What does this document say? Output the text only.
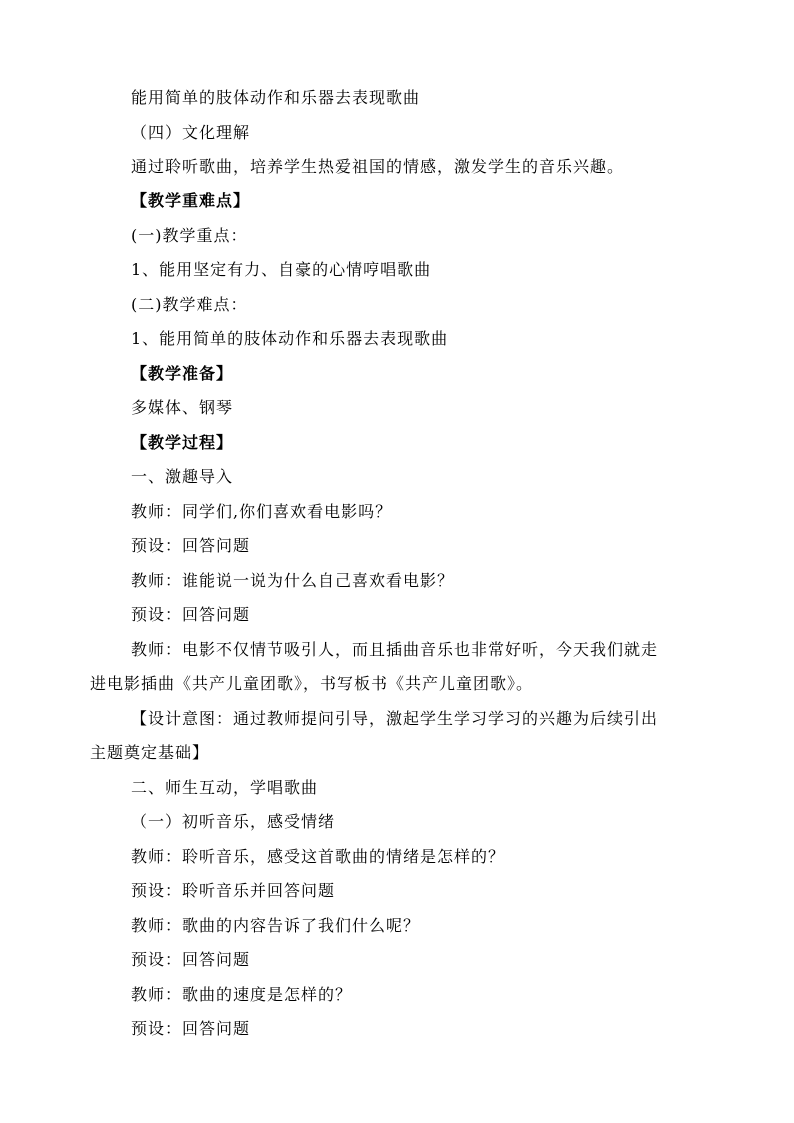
能用简单的肢体动作和乐器去表现歌曲
（四）文化理解
通过聆听歌曲，培养学生热爱祖国的情感，激发学生的音乐兴趣。
【教学重难点】
(一)教学重点：
1、能用坚定有力、自豪的心情哼唱歌曲
(二)教学难点：
1、能用简单的肢体动作和乐器去表现歌曲
【教学准备】
多媒体、钢琴
【教学过程】
一、激趣导入
教师：同学们,你们喜欢看电影吗？
预设：回答问题
教师：谁能说一说为什么自己喜欢看电影？
预设：回答问题
教师：电影不仅情节吸引人，而且插曲音乐也非常好听，今天我们就走
进电影插曲《共产儿童团歌》，书写板书《共产儿童团歌》。
【设计意图：通过教师提问引导，激起学生学习学习的兴趣为后续引出
主题奠定基础】
二、师生互动，学唱歌曲
（一）初听音乐，感受情绪
教师：聆听音乐，感受这首歌曲的情绪是怎样的？
预设：聆听音乐并回答问题
教师：歌曲的内容告诉了我们什么呢？
预设：回答问题
教师：歌曲的速度是怎样的？
预设：回答问题
